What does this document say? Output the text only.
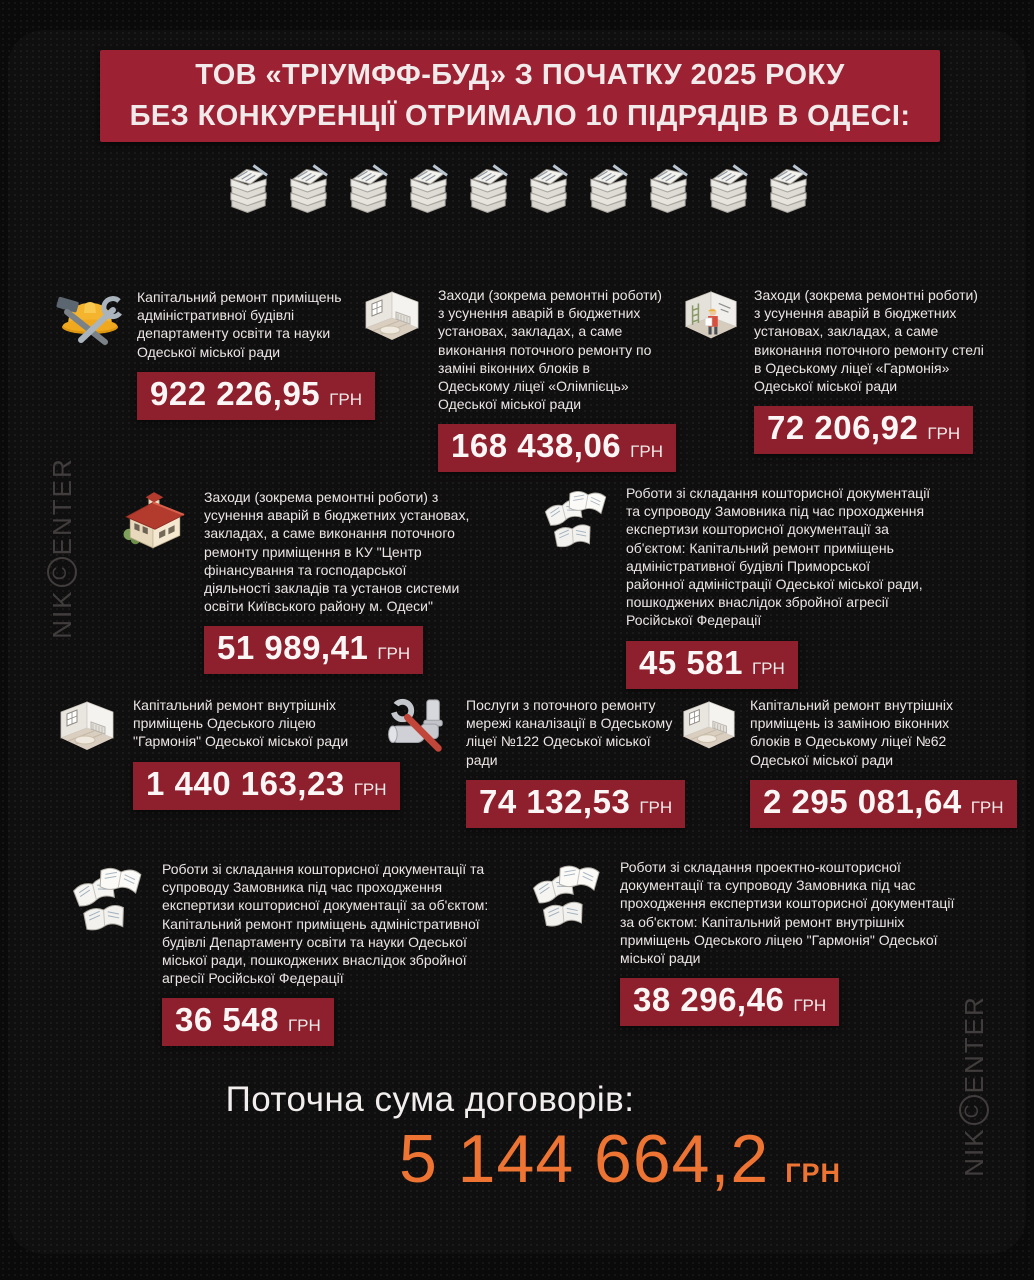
ТОВ «ТРІУМФФ-БУД» З ПОЧАТКУ 2025 РОКУ
БЕЗ КОНКУРЕНЦІЇ ОТРИМАЛО 10 ПІДРЯДІВ В ОДЕСІ:

Капітальний ремонт приміщень адміністративної будівлі департаменту освіти та науки Одеської міської ради

922 226,95 ГРН

Заходи (зокрема ремонтні роботи) з усунення аварій в бюджетних установах, закладах, а саме виконання поточного ремонту по заміні віконних блоків в Одеському ліцеї «Олімпієць» Одеської міської ради

168 438,06 ГРН

Заходи (зокрема ремонтні роботи) з усунення аварій в бюджетних установах, закладах, а саме виконання поточного ремонту стелі в Одеському ліцеї «Гармонія» Одеської міської ради

72 206,92 ГРН

Заходи (зокрема ремонтні роботи) з усунення аварій в бюджетних установах, закладах, а саме виконання поточного ремонту приміщення в КУ "Центр фінансування та господарської діяльності закладів та установ системи освіти Київського району м. Одеси"

51 989,41 ГРН

Роботи зі складання кошторисної документації та супроводу Замовника під час проходження експертизи кошторисної документації за об'єктом: Капітальний ремонт приміщень адміністративної будівлі Приморської районної адміністрації Одеської міської ради, пошкоджених внаслідок збройної агресії Російської Федерації

45 581 ГРН

Капітальний ремонт внутрішніх приміщень Одеського ліцею "Гармонія" Одеської міської ради

1 440 163,23 ГРН

Послуги з поточного ремонту мережі каналізації в Одеському ліцеї №122 Одеської міської ради

74 132,53 ГРН

Капітальний ремонт внутрішніх приміщень із заміною віконних блоків в Одеському ліцеї №62 Одеської міської ради

2 295 081,64 ГРН

Роботи зі складання кошторисної документації та супроводу Замовника під час проходження експертизи кошторисної документації за об'єктом: Капітальний ремонт приміщень адміністративної будівлі Департаменту освіти та науки Одеської міської ради, пошкоджених внаслідок збройної агресії Російської Федерації

36 548 ГРН

Роботи зі складання проектно-кошторисної документації та супроводу Замовника під час проходження експертизи кошторисної документації за об'єктом: Капітальний ремонт внутрішніх приміщень Одеського ліцею "Гармонія" Одеської міської ради

38 296,46 ГРН
Поточна сума договорів:
5 144 664,2 ГРН
NIK
C
ENTER
NIK
C
ENTER
